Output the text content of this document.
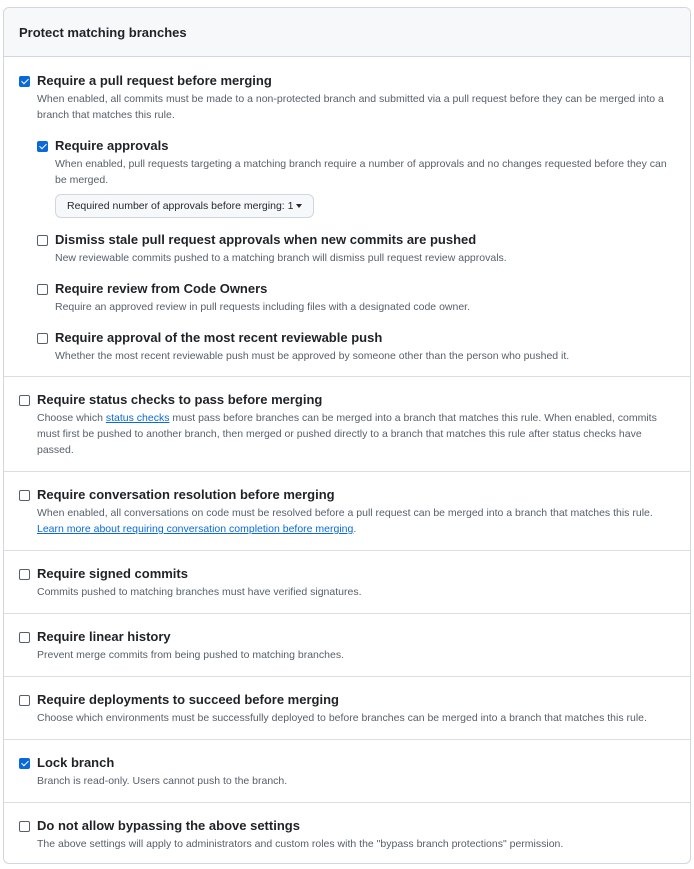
Protect matching branches
Require a pull request before merging
When enabled, all commits must be made to a non-protected branch and submitted via a pull request before they can be merged into a branch that matches this rule.
Require approvals
When enabled, pull requests targeting a matching branch require a number of approvals and no changes requested before they can be merged.
Required number of approvals before merging: 1
Dismiss stale pull request approvals when new commits are pushed
New reviewable commits pushed to a matching branch will dismiss pull request review approvals.
Require review from Code Owners
Require an approved review in pull requests including files with a designated code owner.
Require approval of the most recent reviewable push
Whether the most recent reviewable push must be approved by someone other than the person who pushed it.
Require status checks to pass before merging
Choose which status checks must pass before branches can be merged into a branch that matches this rule. When enabled, commits must first be pushed to another branch, then merged or pushed directly to a branch that matches this rule after status checks have passed.
Require conversation resolution before merging
When enabled, all conversations on code must be resolved before a pull request can be merged into a branch that matches this rule.
Learn more about requiring conversation completion before merging.
Require signed commits
Commits pushed to matching branches must have verified signatures.
Require linear history
Prevent merge commits from being pushed to matching branches.
Require deployments to succeed before merging
Choose which environments must be successfully deployed to before branches can be merged into a branch that matches this rule.
Lock branch
Branch is read-only. Users cannot push to the branch.
Do not allow bypassing the above settings
The above settings will apply to administrators and custom roles with the "bypass branch protections" permission.
